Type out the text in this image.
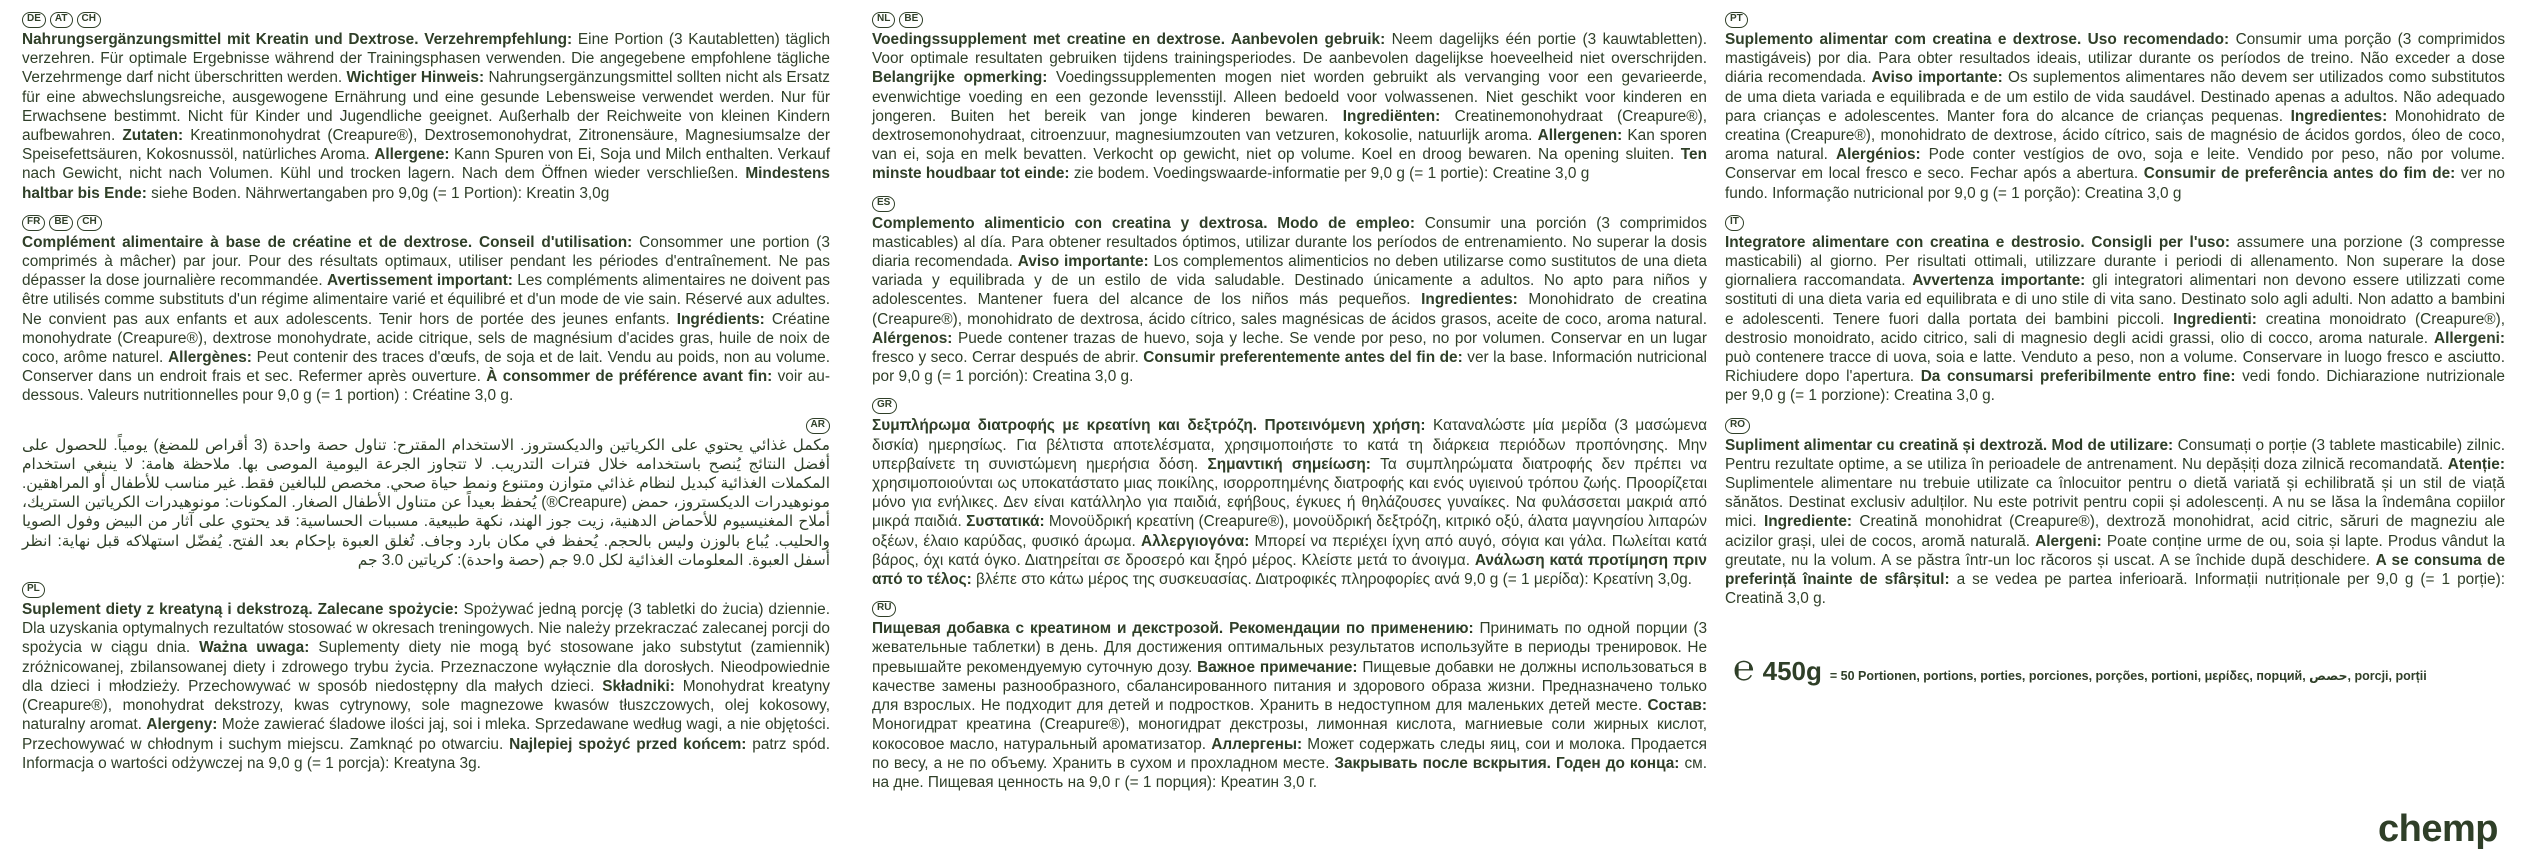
DE	AT	CH
Nahrungsergänzungsmittel mit Kreatin und Dextrose. Verzehrempfehlung: Eine Portion (3 Kautabletten) täglich verzehren. Für optimale Ergebnisse während der Trainingsphasen verwenden. Die angegebene empfohlene tägliche Verzehrmenge darf nicht überschritten werden. Wichtiger Hinweis: Nahrungsergänzungsmittel sollten nicht als Ersatz für eine abwechslungsreiche, ausgewogene Ernährung und eine gesunde Lebensweise verwendet werden. Nur für Erwachsene bestimmt. Nicht für Kinder und Jugendliche geeignet. Außerhalb der Reichweite von kleinen Kindern aufbewahren. Zutaten: Kreatinmonohydrat (Creapure®), Dextrosemonohydrat, Zitronensäure, Magnesiumsalze der Speisefettsäuren, Kokosnussöl, natürliches Aroma. Allergene: Kann Spuren von Ei, Soja und Milch enthalten. Verkauf nach Gewicht, nicht nach Volumen. Kühl und trocken lagern. Nach dem Öffnen wieder verschließen. Mindestens haltbar bis Ende: siehe Boden. Nährwertangaben pro 9,0g (= 1 Portion): Kreatin 3,0g
FR	BE	CH
Complément alimentaire à base de créatine et de dextrose. Conseil d'utilisation: Consommer une portion (3 comprimés à mâcher) par jour. Pour des résultats optimaux, utiliser pendant les périodes d'entraînement. Ne pas dépasser la dose journalière recommandée. Avertissement important: Les compléments alimentaires ne doivent pas être utilisés comme substituts d'un régime alimentaire varié et équilibré et d'un mode de vie sain. Réservé aux adultes. Ne convient pas aux enfants et aux adolescents. Tenir hors de portée des jeunes enfants. Ingrédients: Créatine monohydrate (Creapure®), dextrose monohydrate, acide citrique, sels de magnésium d'acides gras, huile de noix de coco, arôme naturel. Allergènes: Peut contenir des traces d'œufs, de soja et de lait. Vendu au poids, non au volume. Conserver dans un endroit frais et sec. Refermer après ouverture. À consommer de préférence avant fin: voir au-dessous. Valeurs nutritionnelles pour 9,0 g (= 1 portion) : Créatine 3,0 g.
AR
مكمل غذائي يحتوي على الكرياتين والديكستروز. الاستخدام المقترح: تناول حصة واحدة (3 أقراص للمضغ) يومياً. للحصول على أفضل النتائج يُنصح باستخدامه خلال فترات التدريب. لا تتجاوز الجرعة اليومية الموصى بها. ملاحظة هامة: لا ينبغي استخدام المكملات الغذائية كبديل لنظام غذائي متوازن ومتنوع ونمط حياة صحي. مخصص للبالغين فقط. غير مناسب للأطفال أو المراهقين. مونوهيدرات الديكستروز، حمض (Creapure®) يُحفظ بعيداً عن متناول الأطفال الصغار. المكونات: مونوهيدرات الكرياتين الستريك، أملاح المغنيسيوم للأحماض الدهنية، زيت جوز الهند، نكهة طبيعية. مسببات الحساسية: قد يحتوي على آثار من البيض وفول الصويا والحليب. يُباع بالوزن وليس بالحجم. يُحفظ في مكان بارد وجاف. تُغلق العبوة بإحكام بعد الفتح. يُفضّل استهلاكه قبل نهاية: انظر أسفل العبوة. المعلومات الغذائية لكل 9.0 جم (حصة واحدة): كرياتين 3.0 جم
PL
Suplement diety z kreatyną i dekstrozą. Zalecane spożycie: Spożywać jedną porcję (3 tabletki do żucia) dziennie. Dla uzyskania optymalnych rezultatów stosować w okresach treningowych. Nie należy przekraczać zalecanej porcji do spożycia w ciągu dnia. Ważna uwaga: Suplementy diety nie mogą być stosowane jako substytut (zamiennik) zróżnicowanej, zbilansowanej diety i zdrowego trybu życia. Przeznaczone wyłącznie dla dorosłych. Nieodpowiednie dla dzieci i młodzieży. Przechowywać w sposób niedostępny dla małych dzieci. Składniki: Monohydrat kreatyny (Creapure®), monohydrat dekstrozy, kwas cytrynowy, sole magnezowe kwasów tłuszczowych, olej kokosowy, naturalny aromat. Alergeny: Może zawierać śladowe ilości jaj, soi i mleka. Sprzedawane według wagi, a nie objętości. Przechowywać w chłodnym i suchym miejscu. Zamknąć po otwarciu. Najlepiej spożyć przed końcem: patrz spód. Informacja o wartości odżywczej na 9,0 g (= 1 porcja): Kreatyna 3g.
NL	BE
Voedingssupplement met creatine en dextrose. Aanbevolen gebruik: Neem dagelijks één portie (3 kauwtabletten). Voor optimale resultaten gebruiken tijdens trainingsperiodes. De aanbevolen dagelijkse hoeveelheid niet overschrijden. Belangrijke opmerking: Voedingssupplementen mogen niet worden gebruikt als vervanging voor een gevarieerde, evenwichtige voeding en een gezonde levensstijl. Alleen bedoeld voor volwassenen. Niet geschikt voor kinderen en jongeren. Buiten het bereik van jonge kinderen bewaren. Ingrediënten: Creatinemonohydraat (Creapure®), dextrosemonohydraat, citroenzuur, magnesiumzouten van vetzuren, kokosolie, natuurlijk aroma. Allergenen: Kan sporen van ei, soja en melk bevatten. Verkocht op gewicht, niet op volume. Koel en droog bewaren. Na opening sluiten. Ten minste houdbaar tot einde: zie bodem. Voedingswaarde-informatie per 9,0 g (= 1 portie): Creatine 3,0 g
ES
Complemento alimenticio con creatina y dextrosa. Modo de empleo: Consumir una porción (3 comprimidos masticables) al día. Para obtener resultados óptimos, utilizar durante los períodos de entrenamiento. No superar la dosis diaria recomendada. Aviso importante: Los complementos alimenticios no deben utilizarse como sustitutos de una dieta variada y equilibrada y de un estilo de vida saludable. Destinado únicamente a adultos. No apto para niños y adolescentes. Mantener fuera del alcance de los niños más pequeños. Ingredientes: Monohidrato de creatina (Creapure®), monohidrato de dextrosa, ácido cítrico, sales magnésicas de ácidos grasos, aceite de coco, aroma natural. Alérgenos: Puede contener trazas de huevo, soja y leche. Se vende por peso, no por volumen. Conservar en un lugar fresco y seco. Cerrar después de abrir. Consumir preferentemente antes del fin de: ver la base. Información nutricional por 9,0 g (= 1 porción): Creatina 3,0 g.
GR
Συμπλήρωμα διατροφής με κρεατίνη και δεξτρόζη. Προτεινόμενη χρήση: Καταναλώστε μία μερίδα (3 μασώμενα δισκία) ημερησίως. Για βέλτιστα αποτελέσματα, χρησιμοποιήστε το κατά τη διάρκεια περιόδων προπόνησης. Μην υπερβαίνετε τη συνιστώμενη ημερήσια δόση. Σημαντική σημείωση: Τα συμπληρώματα διατροφής δεν πρέπει να χρησιμοποιούνται ως υποκατάστατο μιας ποικίλης, ισορροπημένης διατροφής και ενός υγιεινού τρόπου ζωής. Προορίζεται μόνο για ενήλικες. Δεν είναι κατάλληλο για παιδιά, εφήβους, έγκυες ή θηλάζουσες γυναίκες. Να φυλάσσεται μακριά από μικρά παιδιά. Συστατικά: Μονοϋδρική κρεατίνη (Creapure®), μονοϋδρική δεξτρόζη, κιτρικό οξύ, άλατα μαγνησίου λιπαρών οξέων, έλαιο καρύδας, φυσικό άρωμα. Αλλεργιογόνα: Μπορεί να περιέχει ίχνη από αυγό, σόγια και γάλα. Πωλείται κατά βάρος, όχι κατά όγκο. Διατηρείται σε δροσερό και ξηρό μέρος. Κλείστε μετά το άνοιγμα. Ανάλωση κατά προτίμηση πριν από το τέλος: βλέπε στο κάτω μέρος της συσκευασίας. Διατροφικές πληροφορίες ανά 9,0 g (= 1 μερίδα): Κρεατίνη 3,0g.
RU
Пищевая добавка с креатином и декстрозой. Рекомендации по применению: Принимать по одной порции (3 жевательные таблетки) в день. Для достижения оптимальных результатов используйте в периоды тренировок. Не превышайте рекомендуемую суточную дозу. Важное примечание: Пищевые добавки не должны использоваться в качестве замены разнообразного, сбалансированного питания и здорового образа жизни. Предназначено только для взрослых. Не подходит для детей и подростков. Хранить в недоступном для маленьких детей месте. Состав: Моногидрат креатина (Creapure®), моногидрат декстрозы, лимонная кислота, магниевые соли жирных кислот, кокосовое масло, натуральный ароматизатор. Аллергены: Может содержать следы яиц, сои и молока. Продается по весу, а не по объему. Хранить в сухом и прохладном месте. Закрывать после вскрытия. Годен до конца: см. на дне. Пищевая ценность на 9,0 г (= 1 порция): Креатин 3,0 г.
PT
Suplemento alimentar com creatina e dextrose. Uso recomendado: Consumir uma porção (3 comprimidos mastigáveis) por dia. Para obter resultados ideais, utilizar durante os períodos de treino. Não exceder a dose diária recomendada. Aviso importante: Os suplementos alimentares não devem ser utilizados como substitutos de uma dieta variada e equilibrada e de um estilo de vida saudável. Destinado apenas a adultos. Não adequado para crianças e adolescentes. Manter fora do alcance de crianças pequenas. Ingredientes: Monohidrato de creatina (Creapure®), monohidrato de dextrose, ácido cítrico, sais de magnésio de ácidos gordos, óleo de coco, aroma natural. Alergénios: Pode conter vestígios de ovo, soja e leite. Vendido por peso, não por volume. Conservar em local fresco e seco. Fechar após a abertura. Consumir de preferência antes do fim de: ver no fundo. Informação nutricional por 9,0 g (= 1 porção): Creatina 3,0 g
IT
Integratore alimentare con creatina e destrosio. Consigli per l'uso: assumere una porzione (3 compresse masticabili) al giorno. Per risultati ottimali, utilizzare durante i periodi di allenamento. Non superare la dose giornaliera raccomandata. Avvertenza importante: gli integratori alimentari non devono essere utilizzati come sostituti di una dieta varia ed equilibrata e di uno stile di vita sano. Destinato solo agli adulti. Non adatto a bambini e adolescenti. Tenere fuori dalla portata dei bambini piccoli. Ingredienti: creatina monoidrato (Creapure®), destrosio monoidrato, acido citrico, sali di magnesio degli acidi grassi, olio di cocco, aroma naturale. Allergeni: può contenere tracce di uova, soia e latte. Venduto a peso, non a volume. Conservare in luogo fresco e asciutto. Richiudere dopo l'apertura. Da consumarsi preferibilmente entro fine: vedi fondo. Dichiarazione nutrizionale per 9,0 g (= 1 porzione): Creatina 3,0 g.
RO
Supliment alimentar cu creatină și dextroză. Mod de utilizare: Consumați o porție (3 tablete masticabile) zilnic. Pentru rezultate optime, a se utiliza în perioadele de antrenament. Nu depășiți doza zilnică recomandată. Atenție: Suplimentele alimentare nu trebuie utilizate ca înlocuitor pentru o dietă variată și echilibrată și un stil de viață sănătos. Destinat exclusiv adulților. Nu este potrivit pentru copii și adolescenți. A nu se lăsa la îndemâna copiilor mici. Ingrediente: Creatină monohidrat (Creapure®), dextroză monohidrat, acid citric, săruri de magneziu ale acizilor grași, ulei de cocos, aromă naturală. Alergeni: Poate conține urme de ou, soia și lapte. Produs vândut la greutate, nu la volum. A se păstra într-un loc răcoros și uscat. A se închide după deschidere. A se consuma de preferință înainte de sfârșitul: a se vedea pe partea inferioară. Informații nutriționale per 9,0 g (= 1 porție): Creatină 3,0 g.
℮ 450g = 50 Portionen, portions, porties, porciones, porções, portioni, μερίδες, порций, حصص, porcji, porții
chemp
